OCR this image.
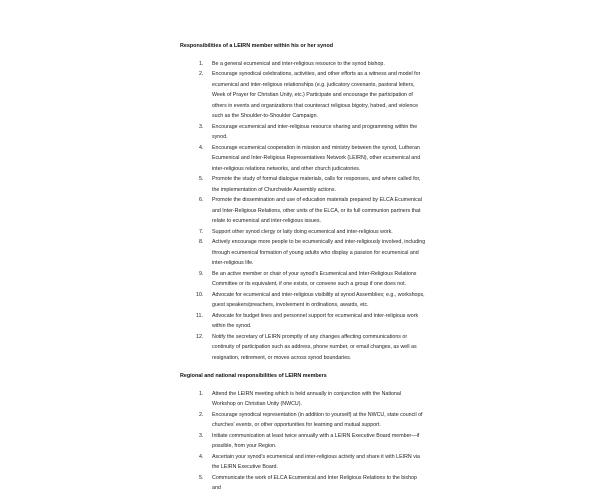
Responsibilities of a LEIRN member within his or her synod
1. Be a general ecumenical and inter-religious resource to the synod bishop.
2. Encourage synodical celebrations, activities, and other efforts as a witness and model for ecumenical and inter-religious relationships (e.g. judicatory covenants, pastoral letters, Week of Prayer for Christian Unity, etc.) Participate and encourage the participation of others in events and organizations that counteract religious bigotry, hatred, and violence such as the Shoulder-to-Shoulder Campaign.
3. Encourage ecumenical and inter-religious resource sharing and programming within the synod.
4. Encourage ecumenical cooperation in mission and ministry between the synod, Lutheran Ecumenical and Inter-Religious Representatives Network (LEIRN), other ecumenical and inter-religious relations networks, and other church judicatories.
5. Promote the study of formal dialogue materials, calls for responses, and where called for, the implementation of Churchwide Assembly actions.
6. Promote the dissemination and use of education materials prepared by ELCA Ecumenical and Inter-Religious Relations, other units of the ELCA, or its full communion partners that relate to ecumenical and inter-religious issues.
7. Support other synod clergy or laity doing ecumenical and inter-religious work.
8. Actively encourage more people to be ecumenically and inter-religiously involved, including through ecumenical formation of young adults who display a passion for ecumenical and inter-religious life.
9. Be an active member or chair of your synod's Ecumenical and Inter-Religious Relations Committee or its equivalent, if one exists, or convene such a group if one does not.
10. Advocate for ecumenical and inter-religious visibility at synod Assemblies; e.g., workshops, guest speakers/preachers, involvement in ordinations, awards, etc.
11. Advocate for budget lines and personnel support for ecumenical and inter-religious work within the synod.
12. Notify the secretary of LEIRN promptly of any changes affecting communications or continuity of participation such as address, phone number, or email changes, as well as resignation, retirement, or moves across synod boundaries.
Regional and national responsibilities of LEIRN members
1. Attend the LEIRN meeting which is held annually in conjunction with the National Workshop on Christian Unity (NWCU).
2. Encourage synodical representation (in addition to yourself) at the NWCU, state council of churches' events, or other opportunities for learning and mutual support.
3. Initiate communication at least twice annually with a LEIRN Executive Board member—if possible, from your Region.
4. Ascertain your synod's ecumenical and inter-religious activity and share it with LEIRN via the LEIRN Executive Board.
5. Communicate the work of ELCA Ecumenical and Inter Religious Relations to the bishop and
